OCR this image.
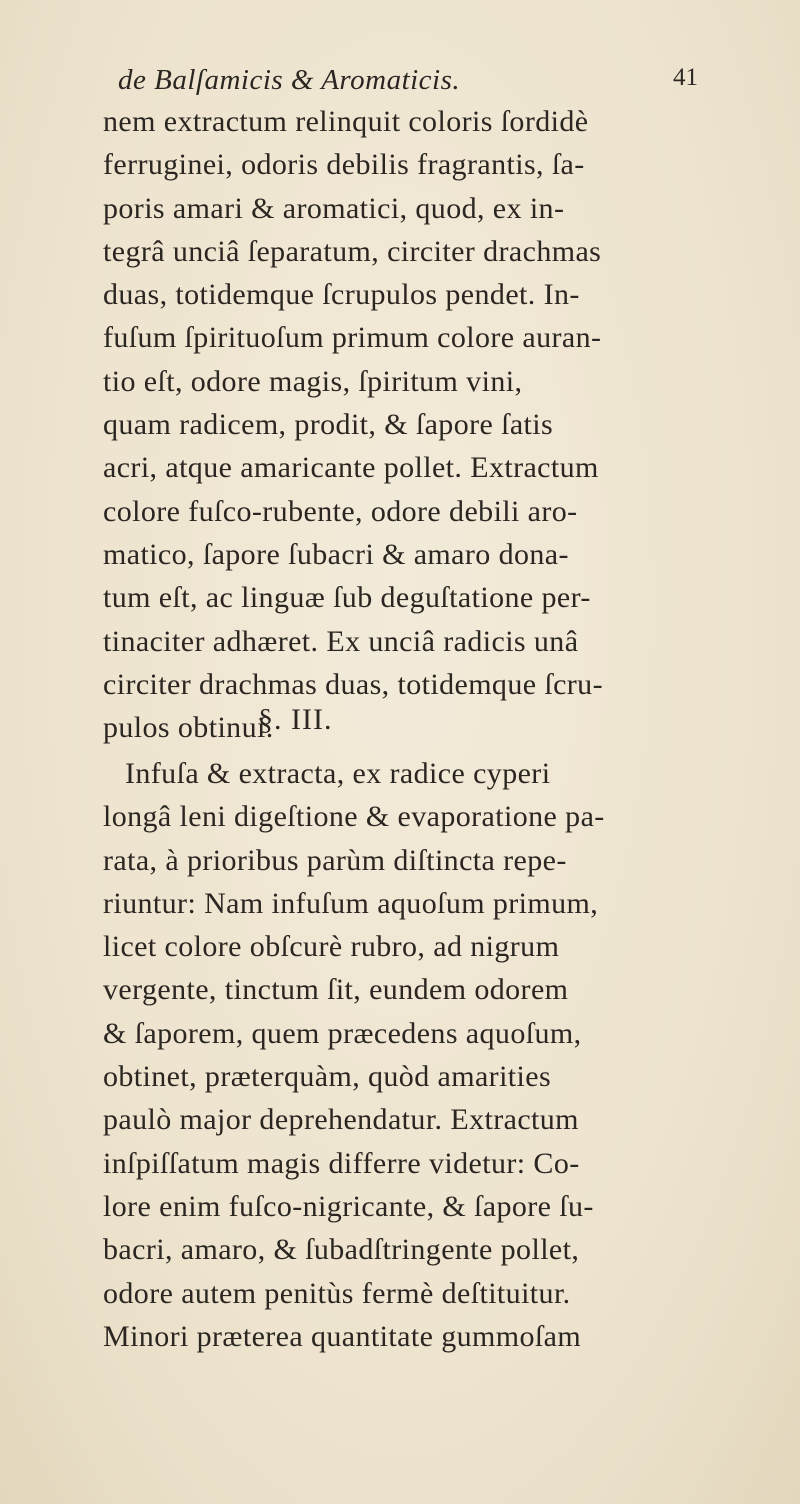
de Balſamicis & Aromaticis.	41
nem extractum relinquit coloris ſordidè
ferruginei, odoris debilis fragrantis, ſa-
poris amari & aromatici, quod, ex in-
tegrâ unciâ ſeparatum, circiter drachmas
duas, totidemque ſcrupulos pendet. In-
fuſum ſpirituoſum primum colore auran-
tio eſt, odore magis, ſpiritum vini,
quam radicem, prodit, & ſapore ſatis
acri, atque amaricante pollet. Extractum
colore fuſco-rubente, odore debili aro-
matico, ſapore ſubacri & amaro dona-
tum eſt, ac linguæ ſub deguſtatione per-
tinaciter adhæret. Ex unciâ radicis unâ
circiter drachmas duas, totidemque ſcru-
pulos obtinui.
§. III.
Infuſa & extracta, ex radice cyperi
longâ leni digeſtione & evaporatione pa-
rata, à prioribus parùm diſtincta repe-
riuntur: Nam infuſum aquoſum primum,
licet colore obſcurè rubro, ad nigrum
vergente, tinctum ſit, eundem odorem
& ſaporem, quem præcedens aquoſum,
obtinet, præterquàm, quòd amarities
paulò major deprehendatur. Extractum
inſpiſſatum magis differre videtur: Co-
lore enim fuſco-nigricante, & ſapore ſu-
bacri, amaro, & ſubadſtringente pollet,
odore autem penitùs fermè deſtituitur.
Minori præterea quantitate gummoſam
